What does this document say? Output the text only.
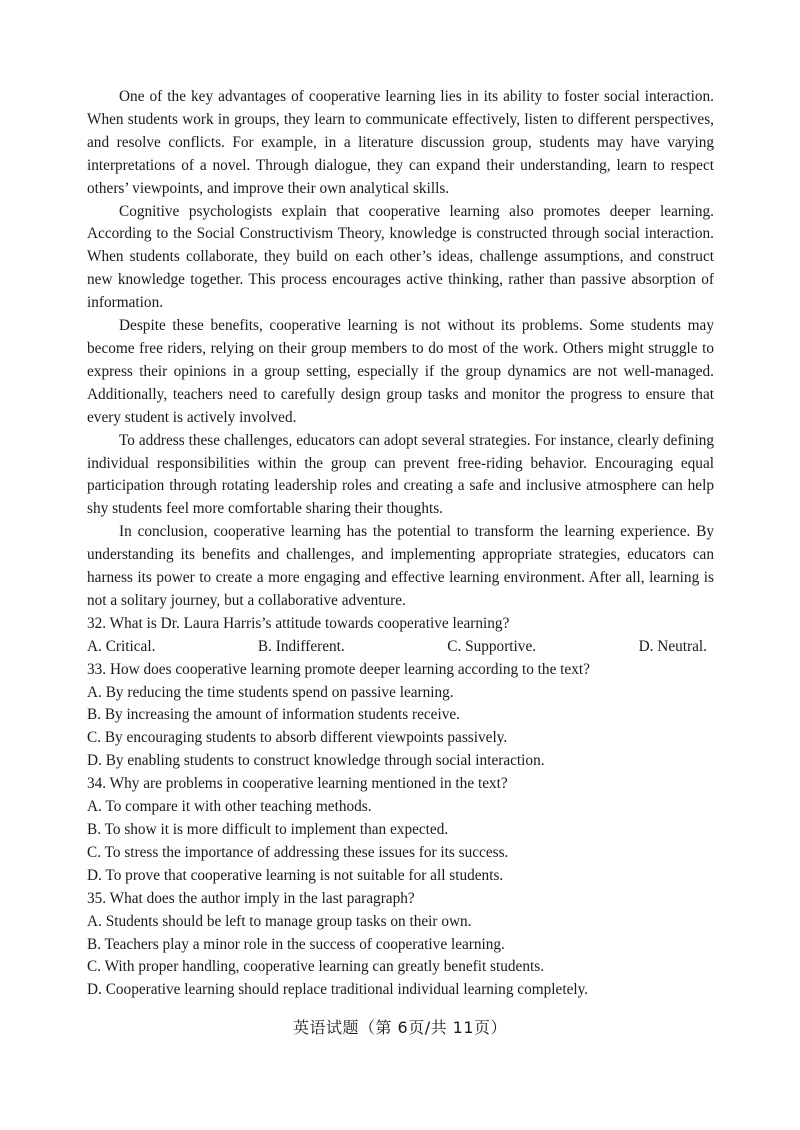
One of the key advantages of cooperative learning lies in its ability to foster social interaction. When students work in groups, they learn to communicate effectively, listen to different perspectives, and resolve conflicts. For example, in a literature discussion group, students may have varying interpretations of a novel. Through dialogue, they can expand their understanding, learn to respect others’ viewpoints, and improve their own analytical skills.

Cognitive psychologists explain that cooperative learning also promotes deeper learning. According to the Social Constructivism Theory, knowledge is constructed through social interaction. When students collaborate, they build on each other’s ideas, challenge assumptions, and construct new knowledge together. This process encourages active thinking, rather than passive absorption of information.

Despite these benefits, cooperative learning is not without its problems. Some students may become free riders, relying on their group members to do most of the work. Others might struggle to express their opinions in a group setting, especially if the group dynamics are not well-managed. Additionally, teachers need to carefully design group tasks and monitor the progress to ensure that every student is actively involved.

To address these challenges, educators can adopt several strategies. For instance, clearly defining individual responsibilities within the group can prevent free-riding behavior. Encouraging equal participation through rotating leadership roles and creating a safe and inclusive atmosphere can help shy students feel more comfortable sharing their thoughts.

In conclusion, cooperative learning has the potential to transform the learning experience. By understanding its benefits and challenges, and implementing appropriate strategies, educators can harness its power to create a more engaging and effective learning environment. After all, learning is not a solitary journey, but a collaborative adventure.

32. What is Dr. Laura Harris’s attitude towards cooperative learning?

A. Critical.	B. Indifferent.	C. Supportive.	D. Neutral.

33. How does cooperative learning promote deeper learning according to the text?

A. By reducing the time students spend on passive learning.

B. By increasing the amount of information students receive.

C. By encouraging students to absorb different viewpoints passively.

D. By enabling students to construct knowledge through social interaction.

34. Why are problems in cooperative learning mentioned in the text?

A. To compare it with other teaching methods.

B. To show it is more difficult to implement than expected.

C. To stress the importance of addressing these issues for its success.

D. To prove that cooperative learning is not suitable for all students.

35. What does the author imply in the last paragraph?

A. Students should be left to manage group tasks on their own.

B. Teachers play a minor role in the success of cooperative learning.

C. With proper handling, cooperative learning can greatly benefit students.

D. Cooperative learning should replace traditional individual learning completely.

英语试题（第 6页/共 11页）
